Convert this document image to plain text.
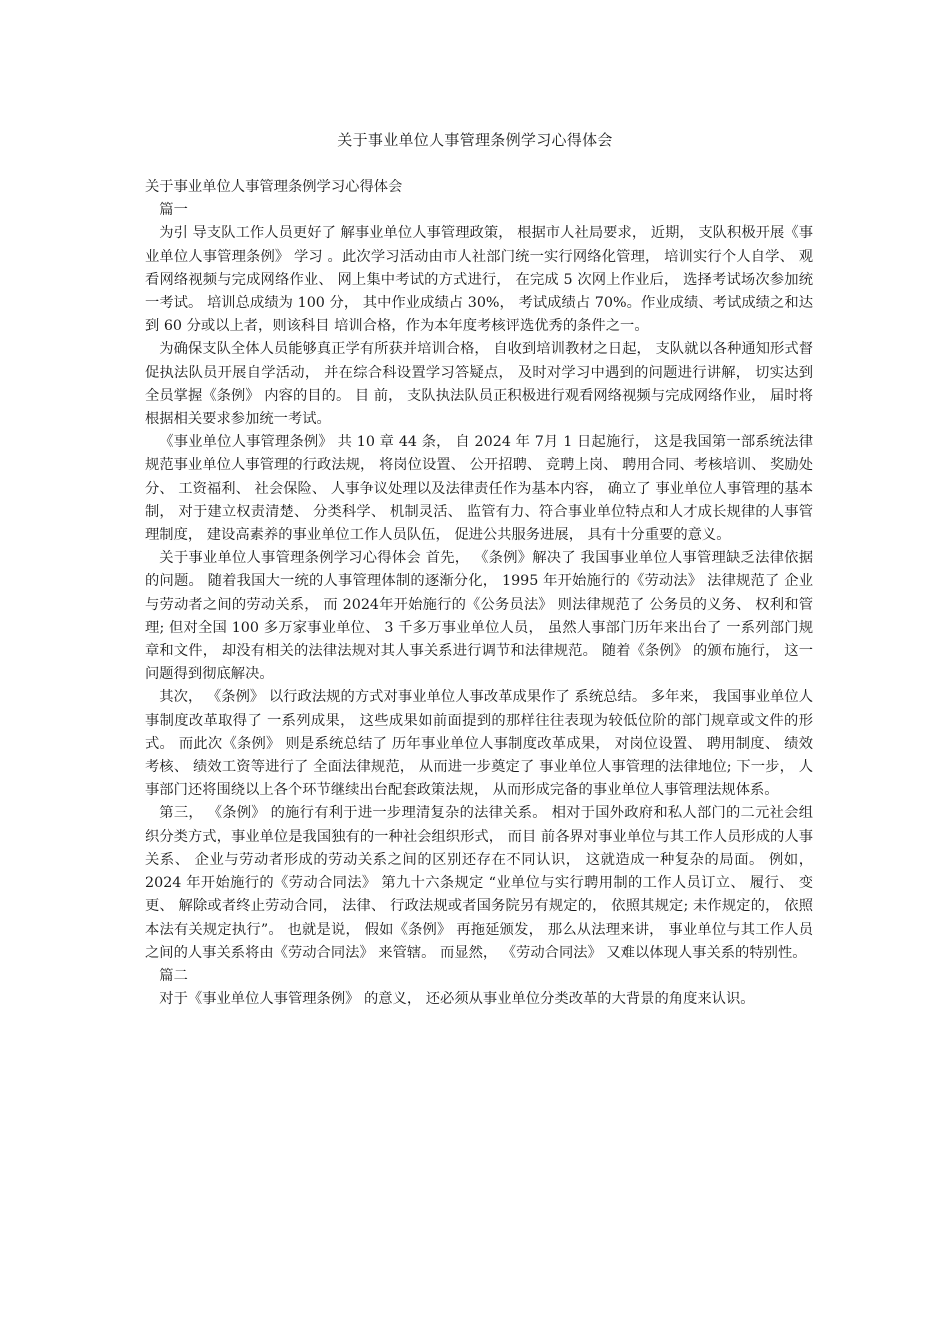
关于事业单位人事管理条例学习心得体会

关于事业单位人事管理条例学习心得体会

篇一

为引 导支队工作人员更好了 解事业单位人事管理政策， 根据市人社局要求， 近期， 支队积极开展《事业单位人事管理条例》 学习 。此次学习活动由市人社部门统一实行网络化管理， 培训实行个人自学、 观看网络视频与完成网络作业、 网上集中考试的方式进行， 在完成 5 次网上作业后， 选择考试场次参加统一考试。 培训总成绩为 100 分， 其中作业成绩占 30%， 考试成绩占 70%。作业成绩、考试成绩之和达到 60 分或以上者，则该科目 培训合格，作为本年度考核评选优秀的条件之一。

为确保支队全体人员能够真正学有所获并培训合格， 自收到培训教材之日起， 支队就以各种通知形式督促执法队员开展自学活动， 并在综合科设置学习答疑点， 及时对学习中遇到的问题进行讲解， 切实达到全员掌握《条例》 内容的目的。 目 前， 支队执法队员正积极进行观看网络视频与完成网络作业， 届时将根据相关要求参加统一考试。

《事业单位人事管理条例》 共 10 章 44 条， 自 2024 年 7月 1 日起施行， 这是我国第一部系统法律规范事业单位人事管理的行政法规， 将岗位设置、 公开招聘、 竞聘上岗、 聘用合同、考核培训、 奖励处分、 工资福利、 社会保险、 人事争议处理以及法律责任作为基本内容， 确立了 事业单位人事管理的基本制， 对于建立权责清楚、 分类科学、 机制灵活、 监管有力、符合事业单位特点和人才成长规律的人事管理制度， 建设高素养的事业单位工作人员队伍， 促进公共服务进展， 具有十分重要的意义。

关于事业单位人事管理条例学习心得体会 首先， 《条例》解决了 我国事业单位人事管理缺乏法律依据的问题。 随着我国大一统的人事管理体制的逐渐分化， 1995 年开始施行的《劳动法》 法律规范了 企业与劳动者之间的劳动关系， 而 2024年开始施行的《公务员法》 则法律规范了 公务员的义务、 权利和管理; 但对全国 100 多万家事业单位、 3 千多万事业单位人员， 虽然人事部门历年来出台了 一系列部门规章和文件， 却没有相关的法律法规对其人事关系进行调节和法律规范。 随着《条例》 的颁布施行， 这一问题得到彻底解决。

其次， 《条例》 以行政法规的方式对事业单位人事改革成果作了 系统总结。 多年来， 我国事业单位人事制度改革取得了 一系列成果， 这些成果如前面提到的那样往往表现为较低位阶的部门规章或文件的形式。 而此次《条例》 则是系统总结了 历年事业单位人事制度改革成果， 对岗位设置、 聘用制度、 绩效考核、 绩效工资等进行了 全面法律规范， 从而进一步奠定了 事业单位人事管理的法律地位; 下一步， 人事部门还将围绕以上各个环节继续出台配套政策法规， 从而形成完备的事业单位人事管理法规体系。

第三， 《条例》 的施行有利于进一步理清复杂的法律关系。 相对于国外政府和私人部门的二元社会组织分类方式，事业单位是我国独有的一种社会组织形式， 而目 前各界对事业单位与其工作人员形成的人事关系、 企业与劳动者形成的劳动关系之间的区别还存在不同认识， 这就造成一种复杂的局面。 例如， 2024 年开始施行的《劳动合同法》 第九十六条规定 “业单位与实行聘用制的工作人员订立、 履行、 变更、 解除或者终止劳动合同， 法律、 行政法规或者国务院另有规定的， 依照其规定; 未作规定的， 依照本法有关规定执行”。 也就是说， 假如《条例》 再拖延颁发， 那么从法理来讲， 事业单位与其工作人员之间的人事关系将由《劳动合同法》 来管辖。 而显然， 《劳动合同法》 又难以体现人事关系的特别性。

篇二

对于《事业单位人事管理条例》 的意义， 还必须从事业单位分类改革的大背景的角度来认识。
